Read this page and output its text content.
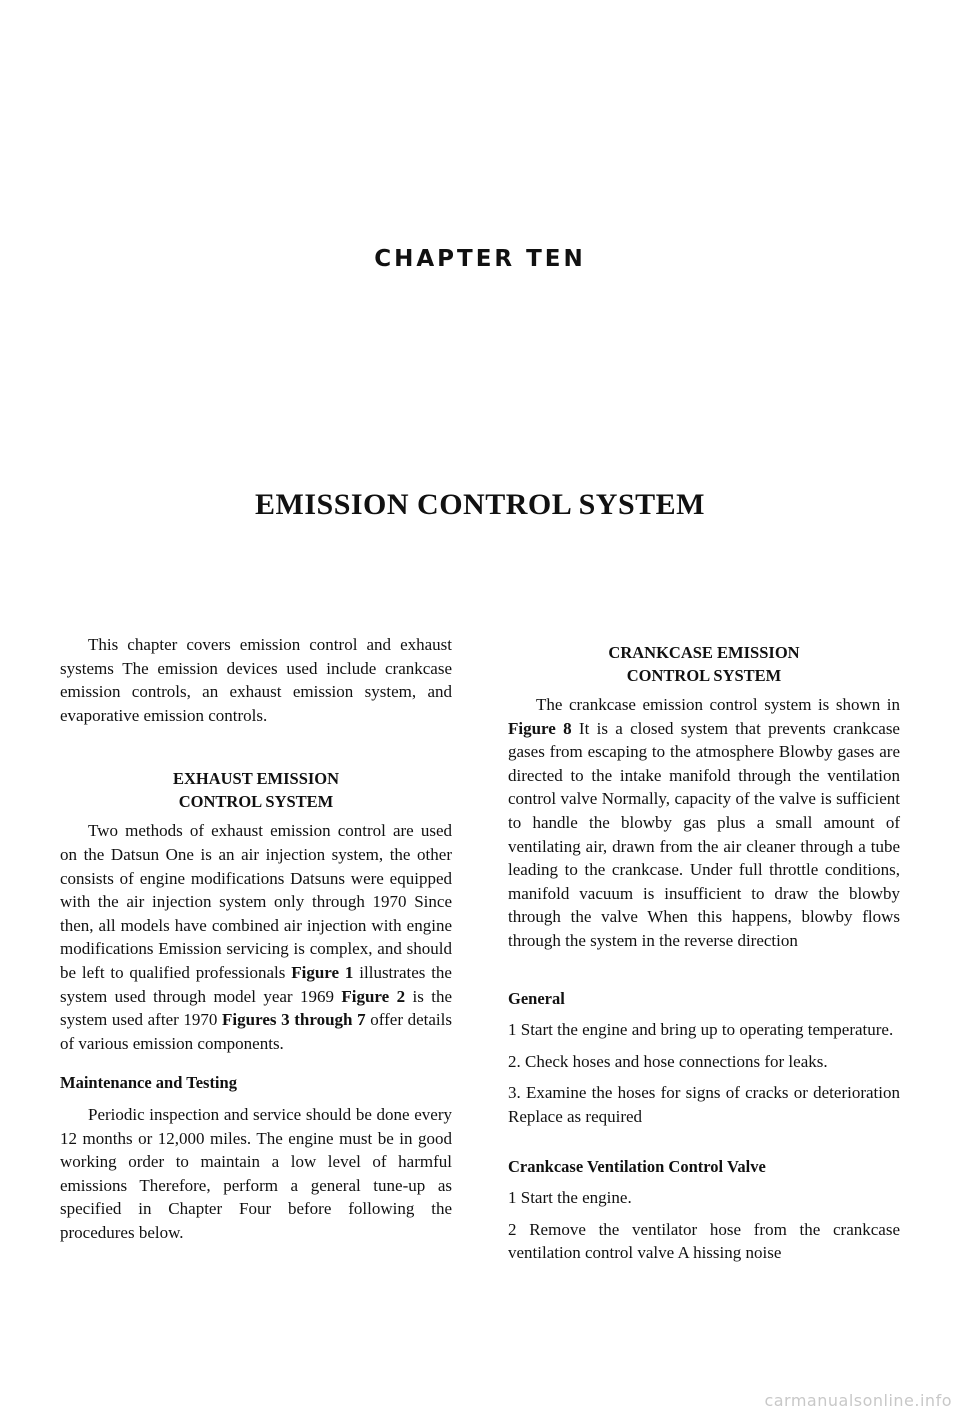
CHAPTER TEN
EMISSION CONTROL SYSTEM

This chapter covers emission control and exhaust systems The emission devices used include crankcase emission controls, an exhaust emission system, and evaporative emission controls.

EXHAUST EMISSION

CONTROL SYSTEM

Two methods of exhaust emission control are used on the Datsun One is an air injection system, the other consists of engine modifications Datsuns were equipped with the air injection system only through 1970 Since then, all models have combined air injection with engine modifications Emission servicing is complex, and should be left to qualified professionals Figure 1 illustrates the system used through model year 1969 Figure 2 is the system used after 1970 Figures 3 through 7 offer details of various emission components.

Maintenance and Testing

Periodic inspection and service should be done every 12 months or 12,000 miles. The engine must be in good working order to maintain a low level of harmful emissions Therefore, perform a general tune-up as specified in Chapter Four before following the procedures below.

CRANKCASE EMISSION

CONTROL SYSTEM

The crankcase emission control system is shown in Figure 8 It is a closed system that prevents crankcase gases from escaping to the atmosphere Blowby gases are directed to the intake manifold through the ventilation control valve Normally, capacity of the valve is sufficient to handle the blowby gas plus a small amount of ventilating air, drawn from the air cleaner through a tube leading to the crankcase. Under full throttle conditions, manifold vacuum is insufficient to draw the blowby through the valve When this happens, blowby flows through the system in the reverse direction

General

1 Start the engine and bring up to operating temperature.

2. Check hoses and hose connections for leaks.

3. Examine the hoses for signs of cracks or deterioration Replace as required

Crankcase Ventilation Control Valve

1 Start the engine.

2 Remove the ventilator hose from the crankcase ventilation control valve A hissing noise

carmanualsonline.info
